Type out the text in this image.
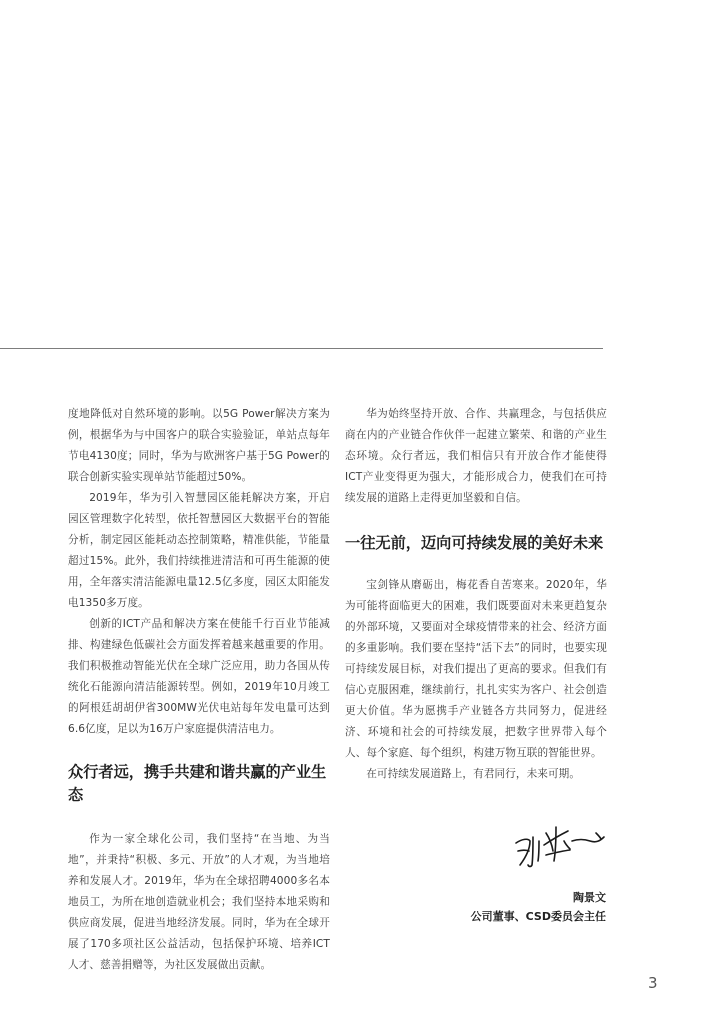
度地降低对自然环境的影响。以5G Power解决方案为例，根据华为与中国客户的联合实验验证，单站点每年节电4130度；同时，华为与欧洲客户基于5G Power的联合创新实验实现单站节能超过50%。

2019年，华为引入智慧园区能耗解决方案，开启园区管理数字化转型，依托智慧园区大数据平台的智能分析，制定园区能耗动态控制策略，精准供能，节能量超过15%。此外，我们持续推进清洁和可再生能源的使用，全年落实清洁能源电量12.5亿多度，园区太阳能发电1350多万度。

创新的ICT产品和解决方案在使能千行百业节能减排、构建绿色低碳社会方面发挥着越来越重要的作用。我们积极推动智能光伏在全球广泛应用，助力各国从传统化石能源向清洁能源转型。例如，2019年10月竣工的阿根廷胡胡伊省300MW光伏电站每年发电量可达到6.6亿度，足以为16万户家庭提供清洁电力。

众行者远，携手共建和谐共赢的产业生态

作为一家全球化公司，我们坚持“在当地、为当地”，并秉持“积极、多元、开放”的人才观，为当地培养和发展人才。2019年，华为在全球招聘4000多名本地员工，为所在地创造就业机会；我们坚持本地采购和供应商发展，促进当地经济发展。同时，华为在全球开展了170多项社区公益活动，包括保护环境、培养ICT人才、慈善捐赠等，为社区发展做出贡献。

华为始终坚持开放、合作、共赢理念，与包括供应商在内的产业链合作伙伴一起建立繁荣、和谐的产业生态环境。众行者远，我们相信只有开放合作才能使得ICT产业变得更为强大，才能形成合力，使我们在可持续发展的道路上走得更加坚毅和自信。

一往无前，迈向可持续发展的美好未来

宝剑锋从磨砺出，梅花香自苦寒来。2020年，华为可能将面临更大的困难，我们既要面对未来更趋复杂的外部环境，又要面对全球疫情带来的社会、经济方面的多重影响。我们要在坚持“活下去”的同时，也要实现可持续发展目标，对我们提出了更高的要求。但我们有信心克服困难，继续前行，扎扎实实为客户、社会创造更大价值。华为愿携手产业链各方共同努力，促进经济、环境和社会的可持续发展，把数字世界带入每个人、每个家庭、每个组织，构建万物互联的智能世界。

在可持续发展道路上，有君同行，未来可期。

陶景文
公司董事、CSD委员会主任
3
